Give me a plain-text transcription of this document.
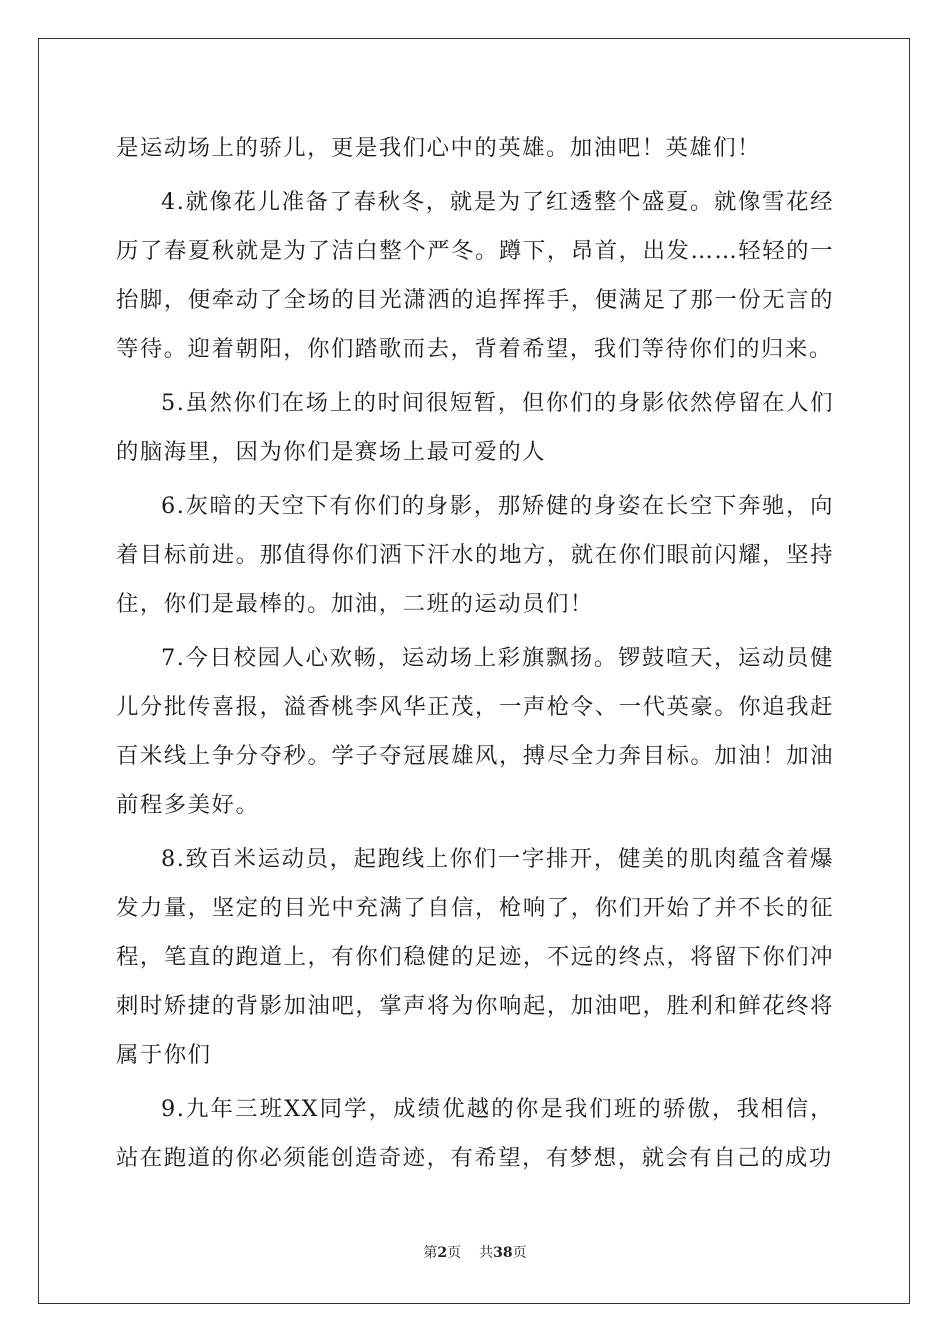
是运动场上的骄儿，更是我们心中的英雄。加油吧！英雄们！

4.就像花儿准备了春秋冬，就是为了红透整个盛夏。就像雪花经历了春夏秋就是为了洁白整个严冬。蹲下，昂首，出发……轻轻的一抬脚，便牵动了全场的目光潇洒的追挥挥手，便满足了那一份无言的等待。迎着朝阳，你们踏歌而去，背着希望，我们等待你们的归来。

5.虽然你们在场上的时间很短暂，但你们的身影依然停留在人们的脑海里，因为你们是赛场上最可爱的人

6.灰暗的天空下有你们的身影，那矫健的身姿在长空下奔驰，向着目标前进。那值得你们洒下汗水的地方，就在你们眼前闪耀，坚持住，你们是最棒的。加油，二班的运动员们！

7.今日校园人心欢畅，运动场上彩旗飘扬。锣鼓喧天，运动员健儿分批传喜报，溢香桃李风华正茂，一声枪令、一代英豪。你追我赶百米线上争分夺秒。学子夺冠展雄风，搏尽全力奔目标。加油！加油前程多美好。

8.致百米运动员，起跑线上你们一字排开，健美的肌肉蕴含着爆发力量，坚定的目光中充满了自信，枪响了，你们开始了并不长的征程，笔直的跑道上，有你们稳健的足迹，不远的终点，将留下你们冲刺时矫捷的背影加油吧，掌声将为你响起，加油吧，胜利和鲜花终将属于你们

9.九年三班XX同学，成绩优越的你是我们班的骄傲，我相信，站在跑道的你必须能创造奇迹，有希望，有梦想，就会有自己的成功

第2页 共38页
